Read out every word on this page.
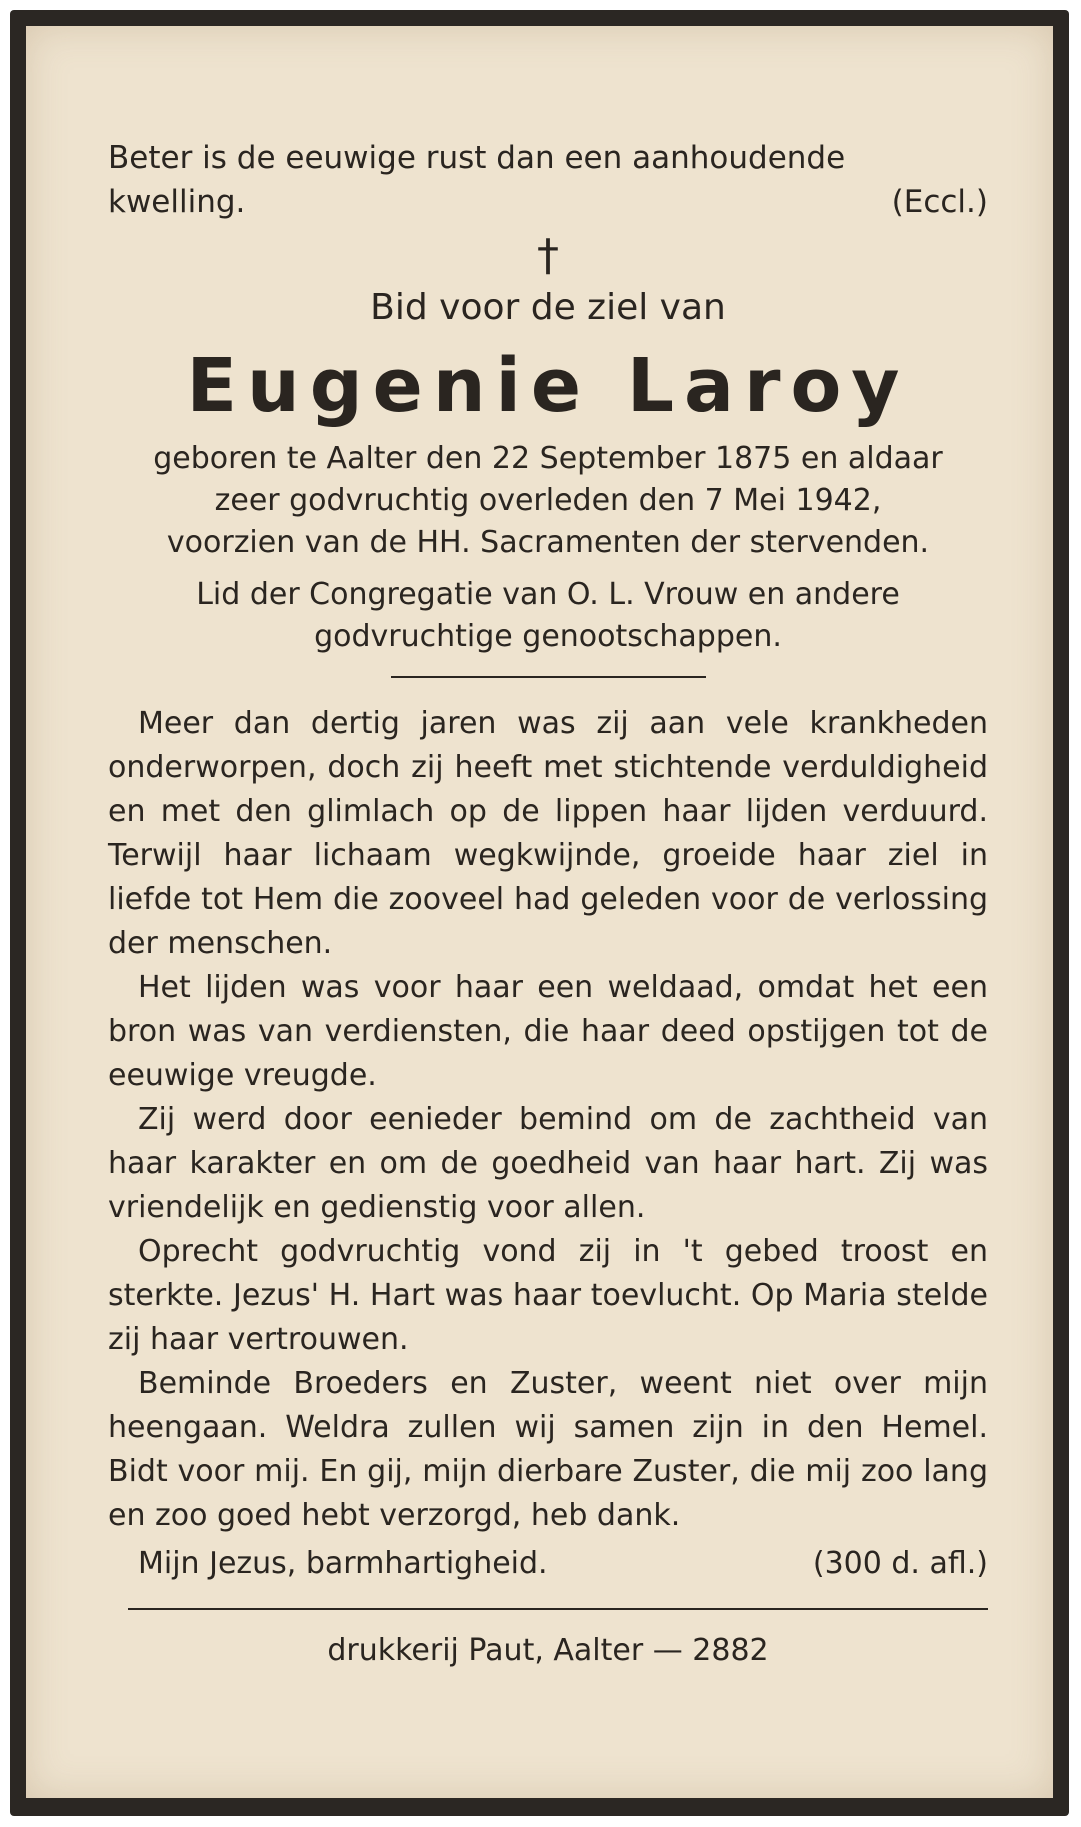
Beter is de eeuwige rust dan een aanhoudende

kwelling.	(Eccl.)

†

Bid voor de ziel van

Eugenie Laroy

geboren te Aalter den 22 September 1875 en aldaar

zeer godvruchtig overleden den 7 Mei 1942,

voorzien van de HH. Sacramenten der stervenden.

Lid der Congregatie van O. L. Vrouw en andere

godvruchtige genootschappen.

Meer dan dertig jaren was zij aan vele krankheden onderworpen, doch zij heeft met stichtende verduldigheid en met den glimlach op de lippen haar lijden verduurd. Terwijl haar lichaam wegkwijnde, groeide haar ziel in liefde tot Hem die zooveel had geleden voor de verlossing der menschen.

Het lijden was voor haar een weldaad, omdat het een bron was van verdiensten, die haar deed opstijgen tot de eeuwige vreugde.

Zij werd door eenieder bemind om de zachtheid van haar karakter en om de goedheid van haar hart. Zij was vriendelijk en gedienstig voor allen.

Oprecht godvruchtig vond zij in 't gebed troost en sterkte. Jezus' H. Hart was haar toevlucht. Op Maria stelde zij haar vertrouwen.

Beminde Broeders en Zuster, weent niet over mijn heengaan. Weldra zullen wij samen zijn in den Hemel. Bidt voor mij. En gij, mijn dierbare Zuster, die mij zoo lang en zoo goed hebt verzorgd, heb dank.

Mijn Jezus, barmhartigheid.	(300 d. afl.)

drukkerij Paut, Aalter — 2882
